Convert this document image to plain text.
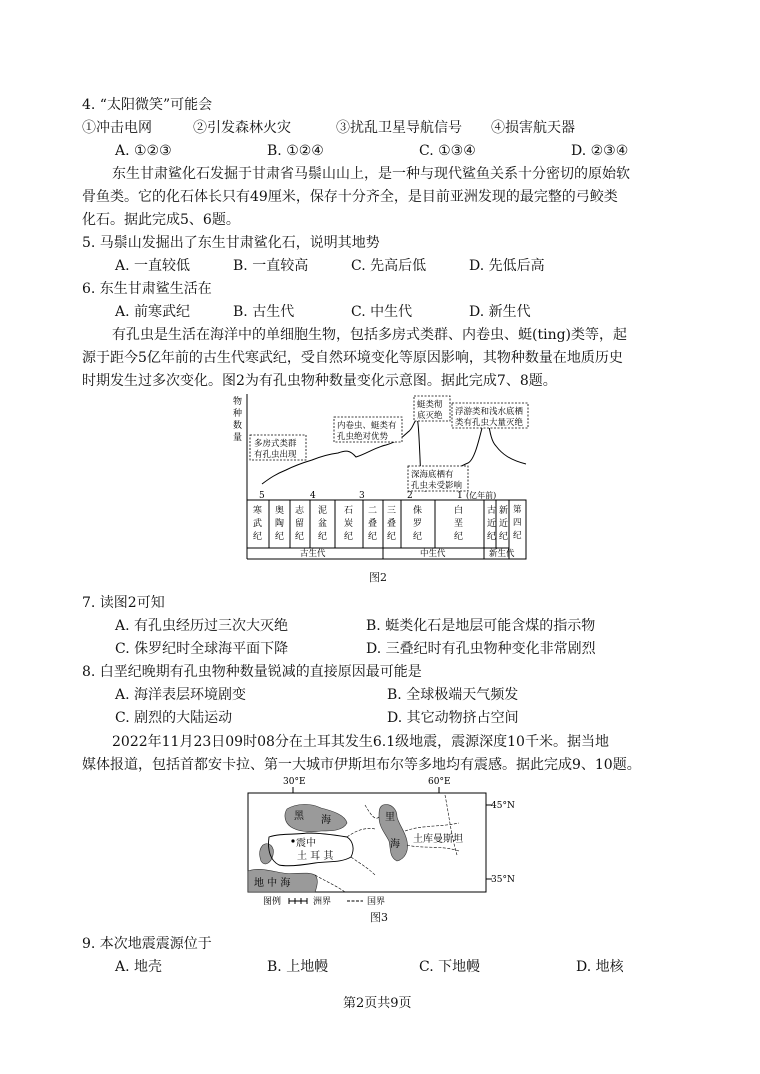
4. “太阳微笑”可能会
①冲击电网	②引发森林火灾	③扰乱卫星导航信号 ④损害航天器
A. ①②③	B. ①②④	C. ①③④	D. ②③④
东生甘肃鲨化石发掘于甘肃省马鬃山山上，是一种与现代鲨鱼关系十分密切的原始软
骨鱼类。它的化石体长只有49厘米，保存十分齐全，是目前亚洲发现的最完整的弓鲛类
化石。据此完成5、6题。
5. 马鬃山发掘出了东生甘肃鲨化石，说明其地势
A. 一直较低	B. 一直较高	C. 先高后低	D. 先低后高
6. 东生甘肃鲨生活在
A. 前寒武纪	B. 古生代	C. 中生代	D. 新生代
有孔虫是生活在海洋中的单细胞生物，包括多房式类群、内卷虫、蜓(ting)类等，起
源于距今5亿年前的古生代寒武纪，受自然环境变化等原因影响，其物种数量在地质历史
时期发生过多次变化。图2为有孔虫物种数量变化示意图。据此完成7、8题。
物
种
数
量
多房式类群
有孔虫出现
内卷虫、蜓类有
孔虫绝对优势
蜓类彻
底灭绝 浮游类和浅水底栖
类有孔虫大量灭绝
深海底栖有
孔虫未受影响
5	4	3	2	1 (亿年前)
寒
武
纪
奥
陶
纪
志
留
纪
泥
盆
纪
石
炭
纪
二
叠
纪
三
叠
纪
侏
罗
纪
白
垩
纪
古
近
纪
新
近
纪
第
四
纪
古生代	中生代	新生代
图2
7. 读图2可知
A. 有孔虫经历过三次大灭绝	B. 蜓类化石是地层可能含煤的指示物
C. 侏罗纪时全球海平面下降	D. 三叠纪时有孔虫物种变化非常剧烈
8. 白垩纪晚期有孔虫物种数量锐减的直接原因最可能是
A. 海洋表层环境剧变	B. 全球极端天气频发
C. 剧烈的大陆运动	D. 其它动物挤占空间
2022年11月23日09时08分在土耳其发生6.1级地震，震源深度10千米。据当地
媒体报道，包括首都安卡拉、第一大城市伊斯坦布尔等多地均有震感。据此完成9、10题。
30°E	60°E
45°N
35°N
黑 海	里
海
震中
土 耳 其
土库曼斯坦
地 中 海
图例	洲界	国界
图3
9. 本次地震震源位于
A. 地壳	B. 上地幔	C. 下地幔	D. 地核
第2页共9页
